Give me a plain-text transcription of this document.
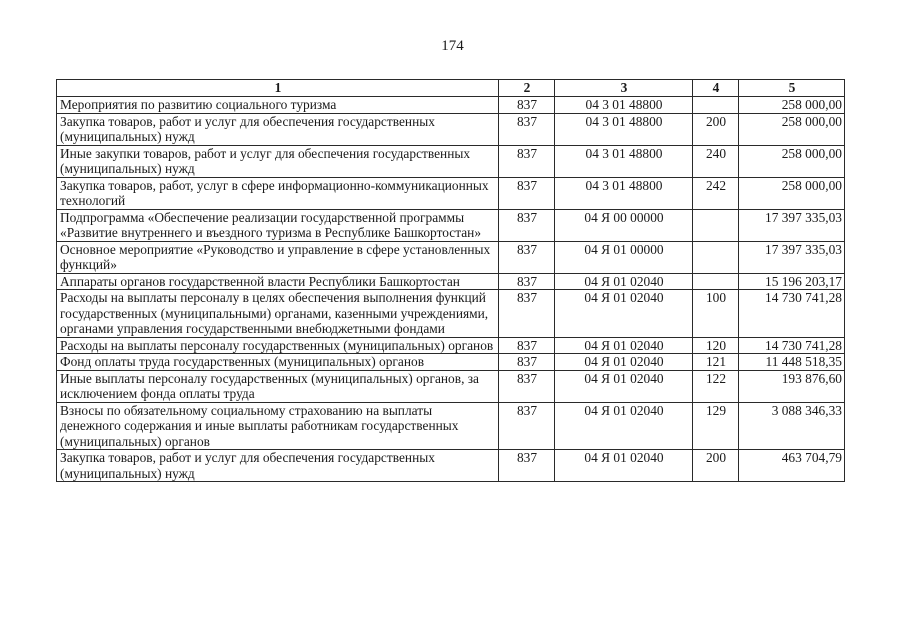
174
1	2	3	4	5
Мероприятия по развитию социального туризма	837	04 3 01 48800		258 000,00
Закупка товаров, работ и услуг для обеспечения государственных (муниципальных) нужд	837	04 3 01 48800	200	258 000,00
Иные закупки товаров, работ и услуг для обеспечения государственных (муниципальных) нужд	837	04 3 01 48800	240	258 000,00
Закупка товаров, работ, услуг в сфере информационно-коммуникационных технологий	837	04 3 01 48800	242	258 000,00
Подпрограмма «Обеспечение реализации государственной программы «Развитие внутреннего и въездного туризма в Республике Башкортостан»	837	04 Я 00 00000		17 397 335,03
Основное мероприятие «Руководство и управление в сфере установленных функций»	837	04 Я 01 00000		17 397 335,03
Аппараты органов государственной власти Республики Башкортостан	837	04 Я 01 02040		15 196 203,17
Расходы на выплаты персоналу в целях обеспечения выполнения функций государственных (муниципальными) органами, казенными учреждениями, органами управления государственными внебюджетными фондами	837	04 Я 01 02040	100	14 730 741,28
Расходы на выплаты персоналу государственных (муниципальных) органов	837	04 Я 01 02040	120	14 730 741,28
Фонд оплаты труда государственных (муниципальных) органов	837	04 Я 01 02040	121	11 448 518,35
Иные выплаты персоналу государственных (муниципальных) органов, за исключением фонда оплаты труда	837	04 Я 01 02040	122	193 876,60
Взносы по обязательному социальному страхованию на выплаты денежного содержания и иные выплаты работникам государственных (муниципальных) органов	837	04 Я 01 02040	129	3 088 346,33
Закупка товаров, работ и услуг для обеспечения государственных (муниципальных) нужд	837	04 Я 01 02040	200	463 704,79
